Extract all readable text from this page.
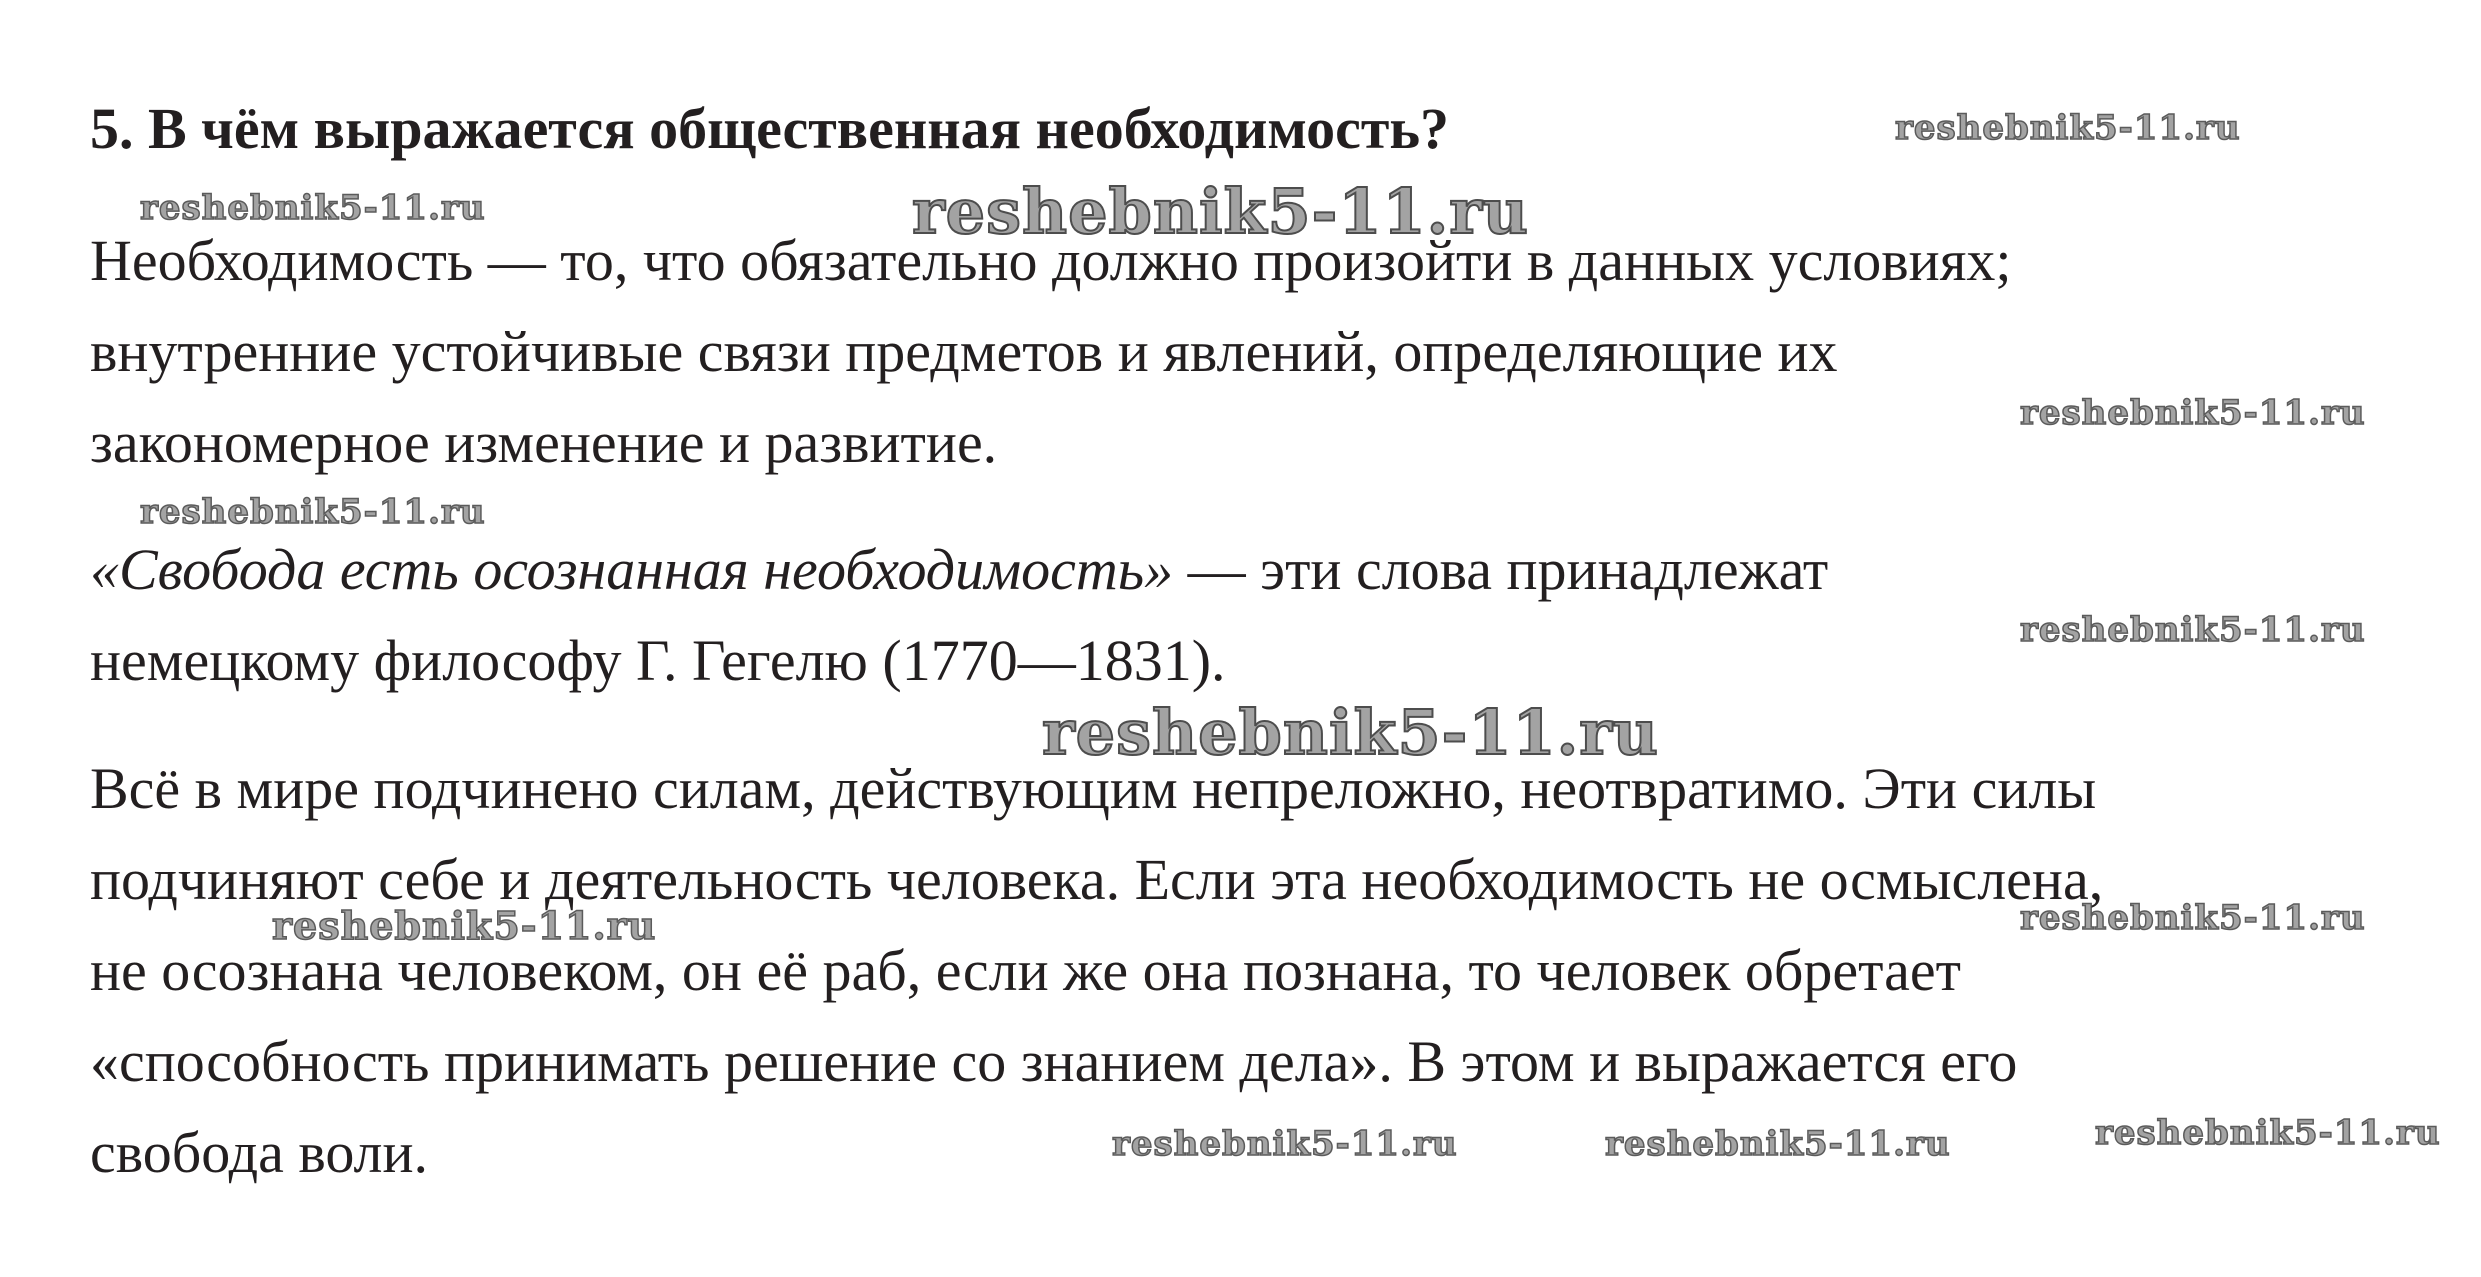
5. В чём выражается общественная необходимость?

Необходимость — то, что обязательно должно произойти в данных условиях;
внутренние устойчивые связи предметов и явлений, определяющие их
закономерное изменение и развитие.

«Свобода есть осознанная необходимость» — эти слова принадлежат
немецкому философу Г. Гегелю (1770—1831).

Всё в мире подчинено силам, действующим непреложно, неотвратимо. Эти силы
подчиняют себе и деятельность человека. Если эта необходимость не осмыслена,
не осознана человеком, он её раб, если же она познана, то человек обретает
«способность принимать решение со знанием дела». В этом и выражается его
свобода воли.

reshebnik5-11.ru
reshebnik5-11.ru	reshebnik5-11.ru
reshebnik5-11.ru
reshebnik5-11.ru
reshebnik5-11.ru
reshebnik5-11.ru
reshebnik5-11.ru	reshebnik5-11.ru
reshebnik5-11.ru	reshebnik5-11.ru	reshebnik5-11.ru
